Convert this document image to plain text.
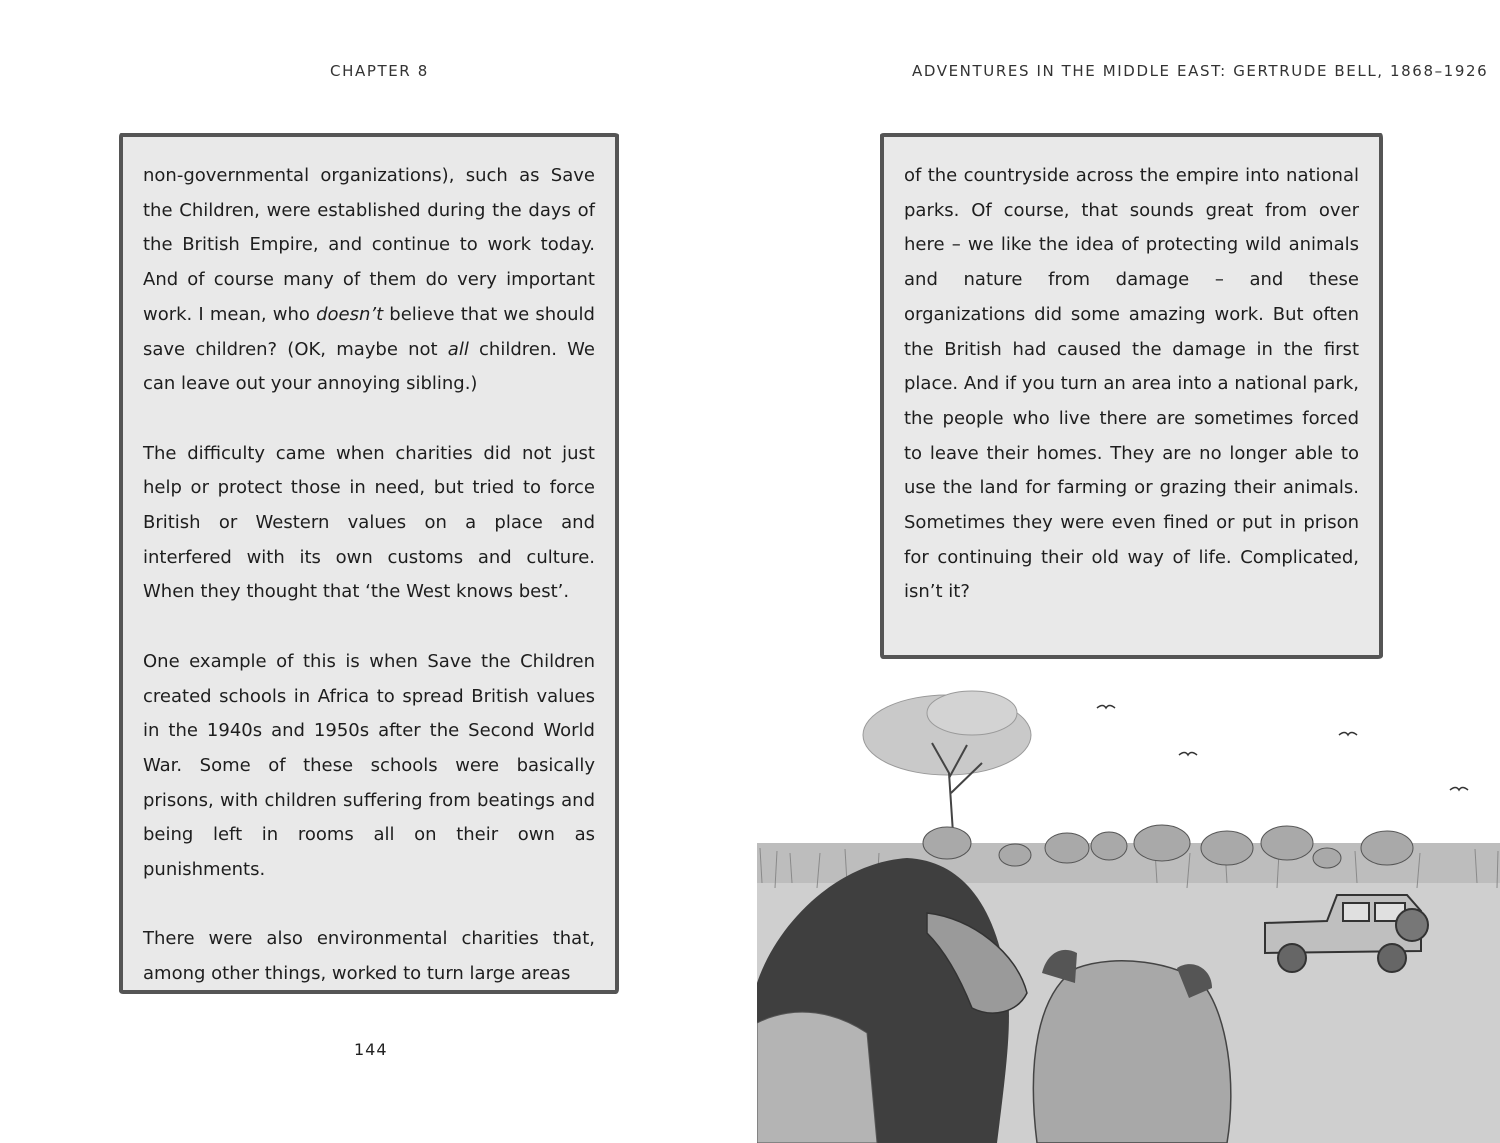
CHAPTER 8	ADVENTURES IN THE MIDDLE EAST: GERTRUDE BELL, 1868–1926

non-governmental organizations), such as Save the Children, were established during the days of the British Empire, and continue to work today. And of course many of them do very important work. I mean, who doesn’t believe that we should save children? (OK, maybe not all children. We can leave out your annoying sibling.)

The difficulty came when charities did not just help or protect those in need, but tried to force British or Western values on a place and interfered with its own customs and culture. When they thought that ‘the West knows best’.

One example of this is when Save the Children created schools in Africa to spread British values in the 1940s and 1950s after the Second World War. Some of these schools were basically prisons, with children suffering from beatings and being left in rooms all on their own as punishments.

There were also environmental charities that, among other things, worked to turn large areas

144

of the countryside across the empire into national parks. Of course, that sounds great from over here – we like the idea of protecting wild animals and nature from damage – and these organizations did some amazing work. But often the British had caused the damage in the first place. And if you turn an area into a national park, the people who live there are sometimes forced to leave their homes. They are no longer able to use the land for farming or grazing their animals. Sometimes they were even fined or put in prison for continuing their old way of life. Complicated, isn’t it?
